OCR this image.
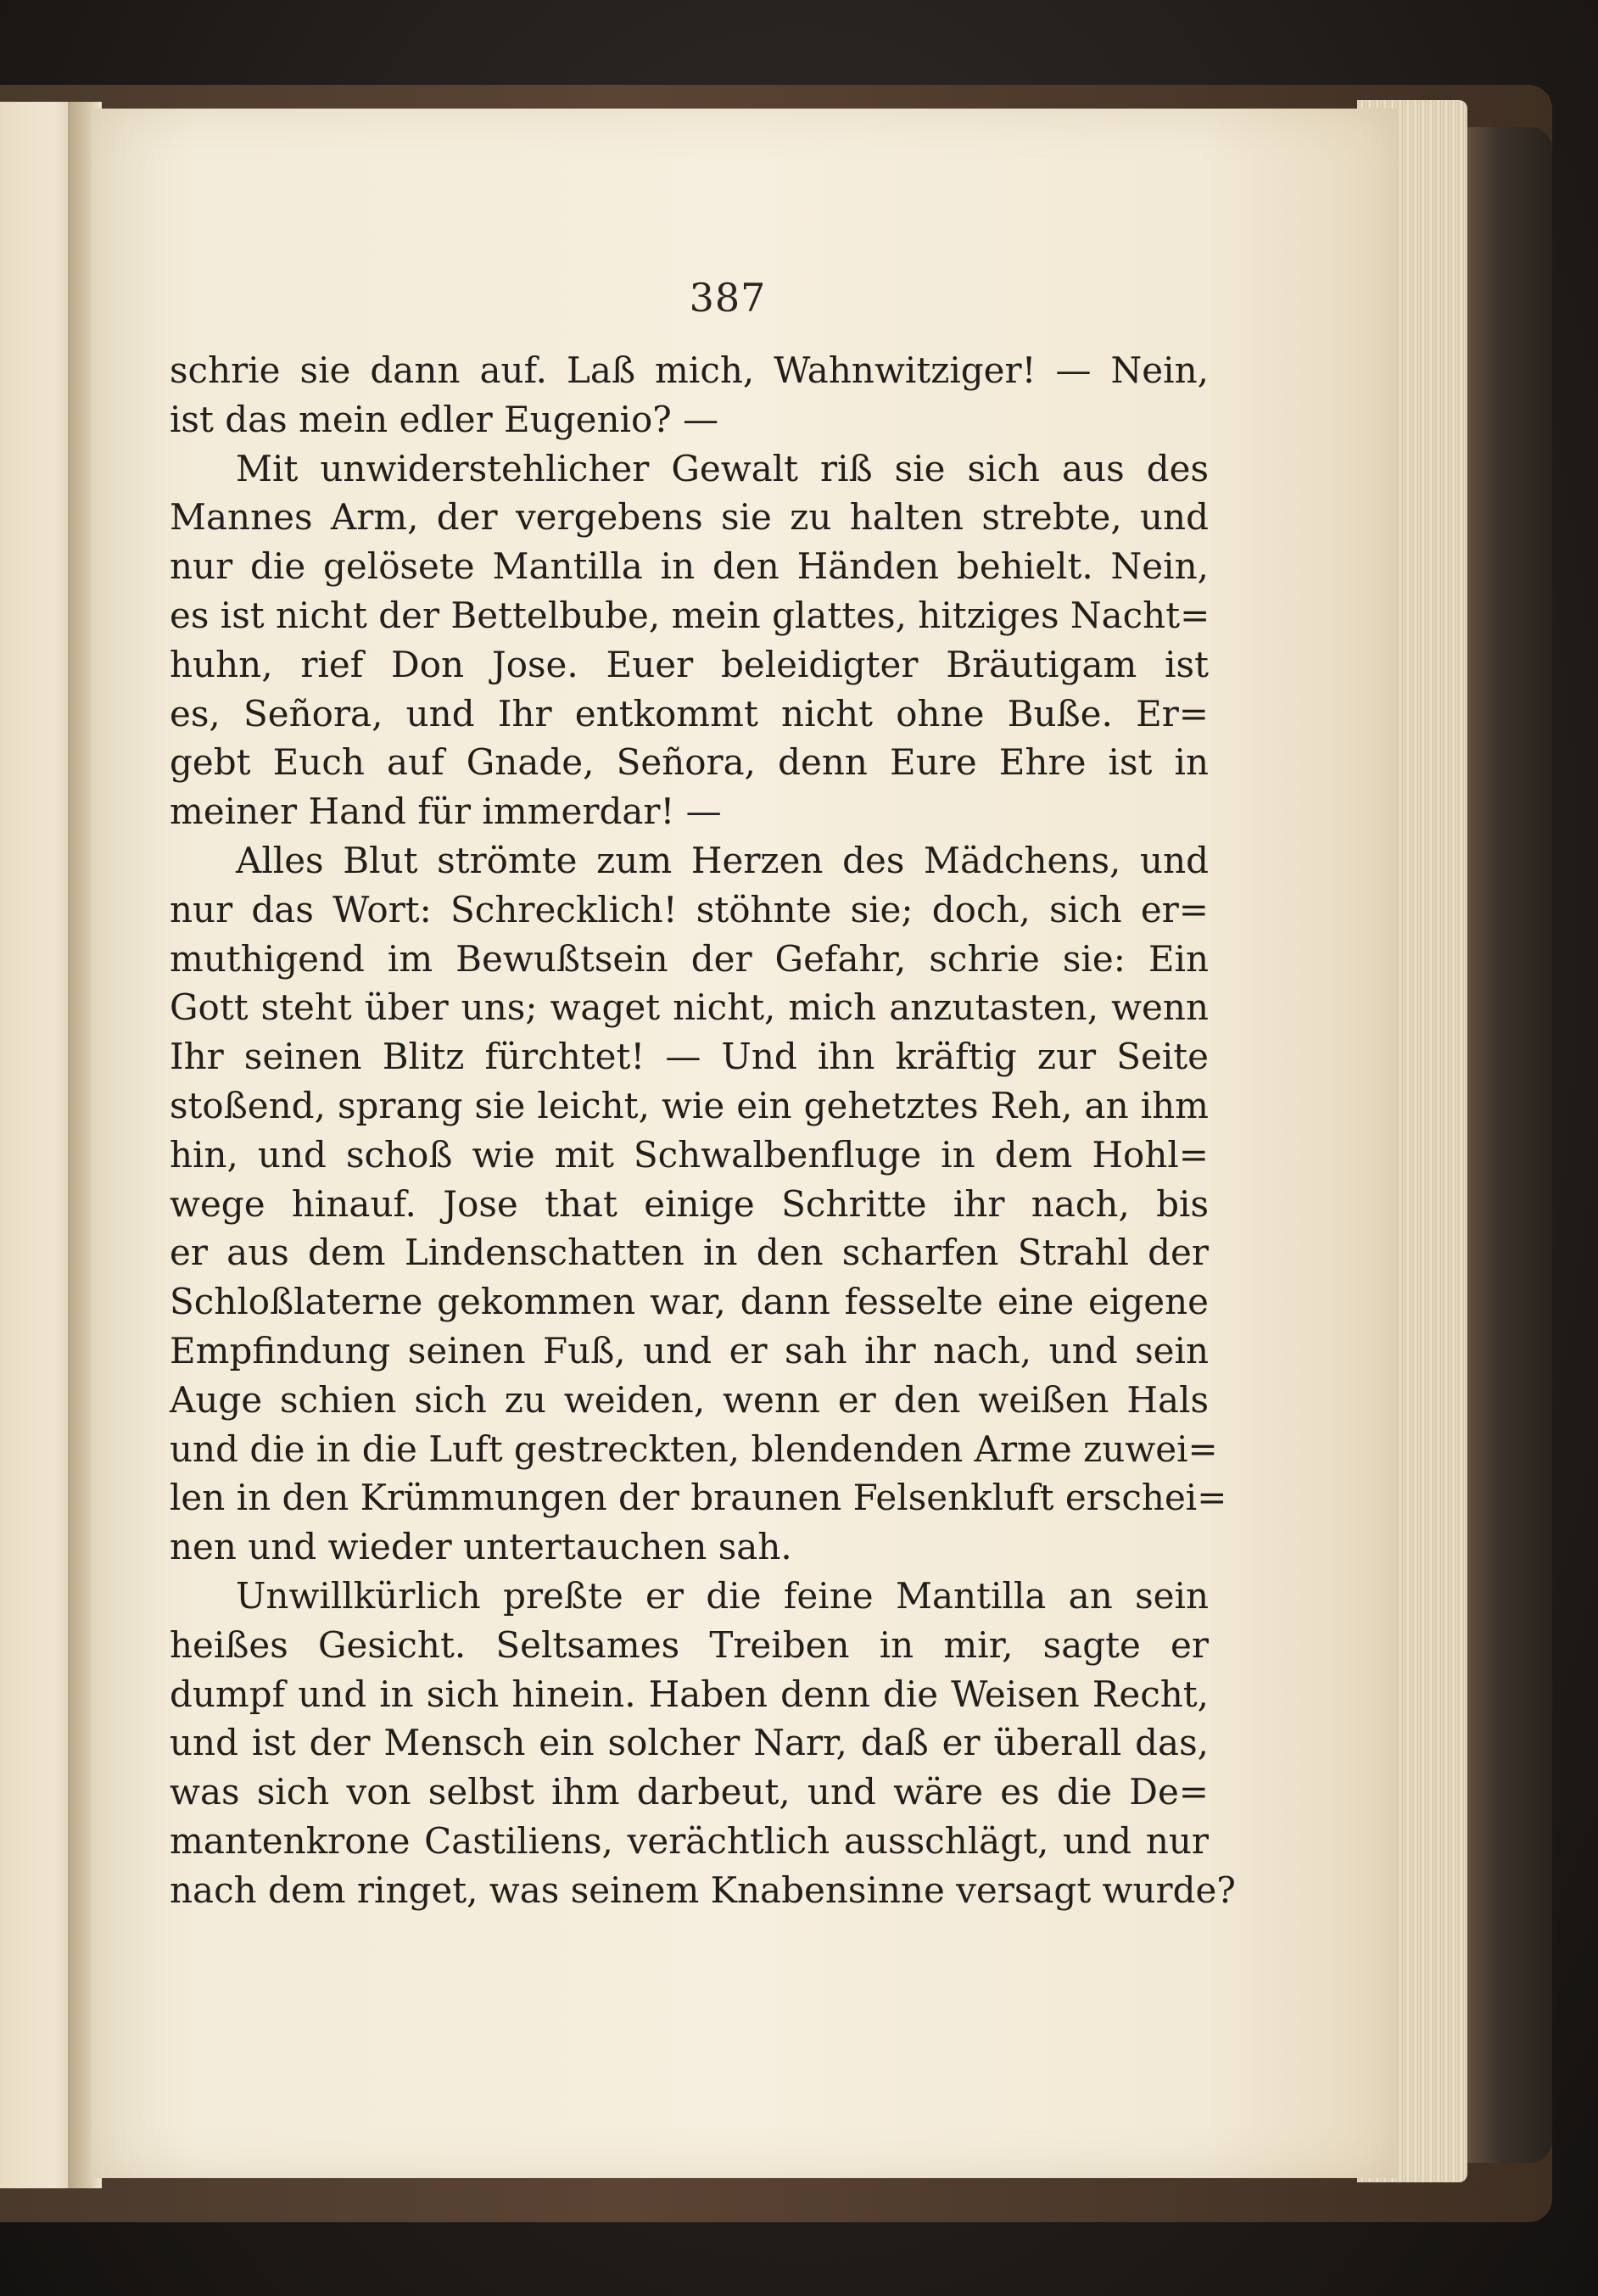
387
schrie sie dann auf. Laß mich, Wahnwitziger! — Nein,
ist das mein edler Eugenio? —
Mit unwiderstehlicher Gewalt riß sie sich aus des
Mannes Arm, der vergebens sie zu halten strebte, und
nur die gelösete Mantilla in den Händen behielt. Nein,
es ist nicht der Bettelbube, mein glattes, hitziges Nacht=
huhn, rief Don Jose. Euer beleidigter Bräutigam ist
es, Señora, und Ihr entkommt nicht ohne Buße. Er=
gebt Euch auf Gnade, Señora, denn Eure Ehre ist in
meiner Hand für immerdar! —
Alles Blut strömte zum Herzen des Mädchens, und
nur das Wort: Schrecklich! stöhnte sie; doch, sich er=
muthigend im Bewußtsein der Gefahr, schrie sie: Ein
Gott steht über uns; waget nicht, mich anzutasten, wenn
Ihr seinen Blitz fürchtet! — Und ihn kräftig zur Seite
stoßend, sprang sie leicht, wie ein gehetztes Reh, an ihm
hin, und schoß wie mit Schwalbenfluge in dem Hohl=
wege hinauf. Jose that einige Schritte ihr nach, bis
er aus dem Lindenschatten in den scharfen Strahl der
Schloßlaterne gekommen war, dann fesselte eine eigene
Empfindung seinen Fuß, und er sah ihr nach, und sein
Auge schien sich zu weiden, wenn er den weißen Hals
und die in die Luft gestreckten, blendenden Arme zuwei=
len in den Krümmungen der braunen Felsenkluft erschei=
nen und wieder untertauchen sah.
Unwillkürlich preßte er die feine Mantilla an sein
heißes Gesicht. Seltsames Treiben in mir, sagte er
dumpf und in sich hinein. Haben denn die Weisen Recht,
und ist der Mensch ein solcher Narr, daß er überall das,
was sich von selbst ihm darbeut, und wäre es die De=
mantenkrone Castiliens, verächtlich ausschlägt, und nur
nach dem ringet, was seinem Knabensinne versagt wurde?
